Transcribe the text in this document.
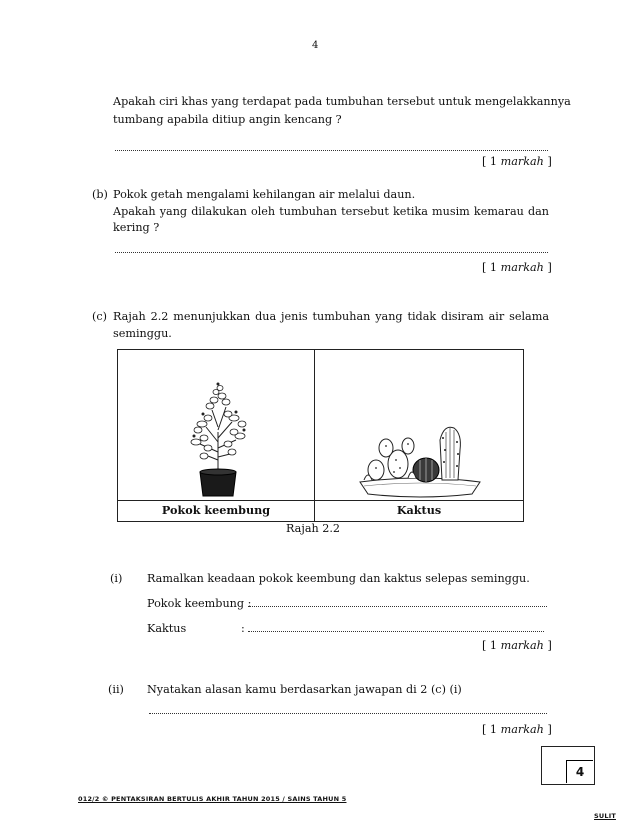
4
Apakah ciri khas yang terdapat pada tumbuhan tersebut untuk mengelakkannya
tumbang apabila ditiup angin kencang ?
[ 1 markah ]
(b) Pokok getah mengalami kehilangan air melalui daun.
Apakah yang dilakukan oleh tumbuhan tersebut ketika musim kemarau dan
kering ?
[ 1 markah ]
(c) Rajah 2.2 menunjukkan dua jenis tumbuhan yang tidak disiram air selama
seminggu.
Pokok keembung	Kaktus
Rajah 2.2
(i) Ramalkan keadaan pokok keembung dan kaktus selepas seminggu.
Pokok keembung :
Kaktus	:
[ 1 markah ]
(ii) Nyatakan alasan kamu berdasarkan jawapan di 2 (c) (i)
[ 1 markah ]
4
012/2 © PENTAKSIRAN BERTULIS AKHIR TAHUN 2015 / SAINS TAHUN 5
SULIT
